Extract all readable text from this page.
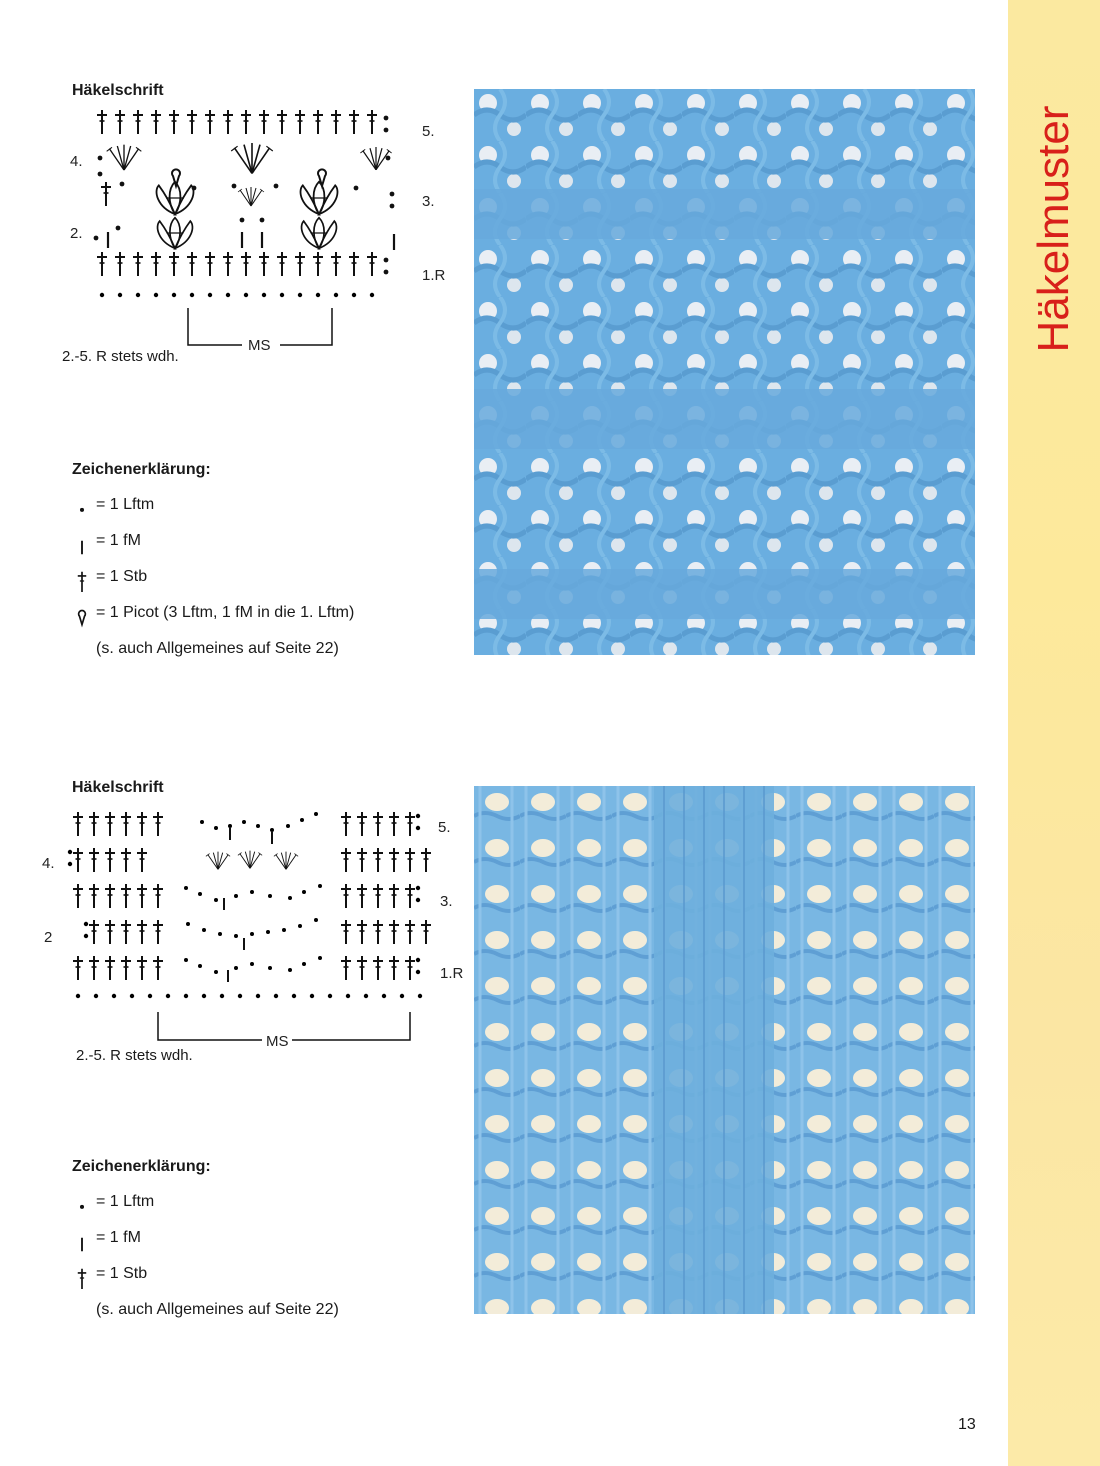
Häkelmuster
Häkelschrift
MS
5.
4.
3.
2.
1.R
2.-5. R stets wdh.
Zeichenerklärung:
= 1 Lftm
= 1 fM
= 1 Stb
= 1 Picot (3 Lftm, 1 fM in die 1. Lftm)
(s. auch Allgemeines auf Seite 22)
Häkelschrift
MS
5.
4.
3.
2
1.R
2.-5. R stets wdh.
Zeichenerklärung:
= 1 Lftm
= 1 fM
= 1 Stb
(s. auch Allgemeines auf Seite 22)
13
